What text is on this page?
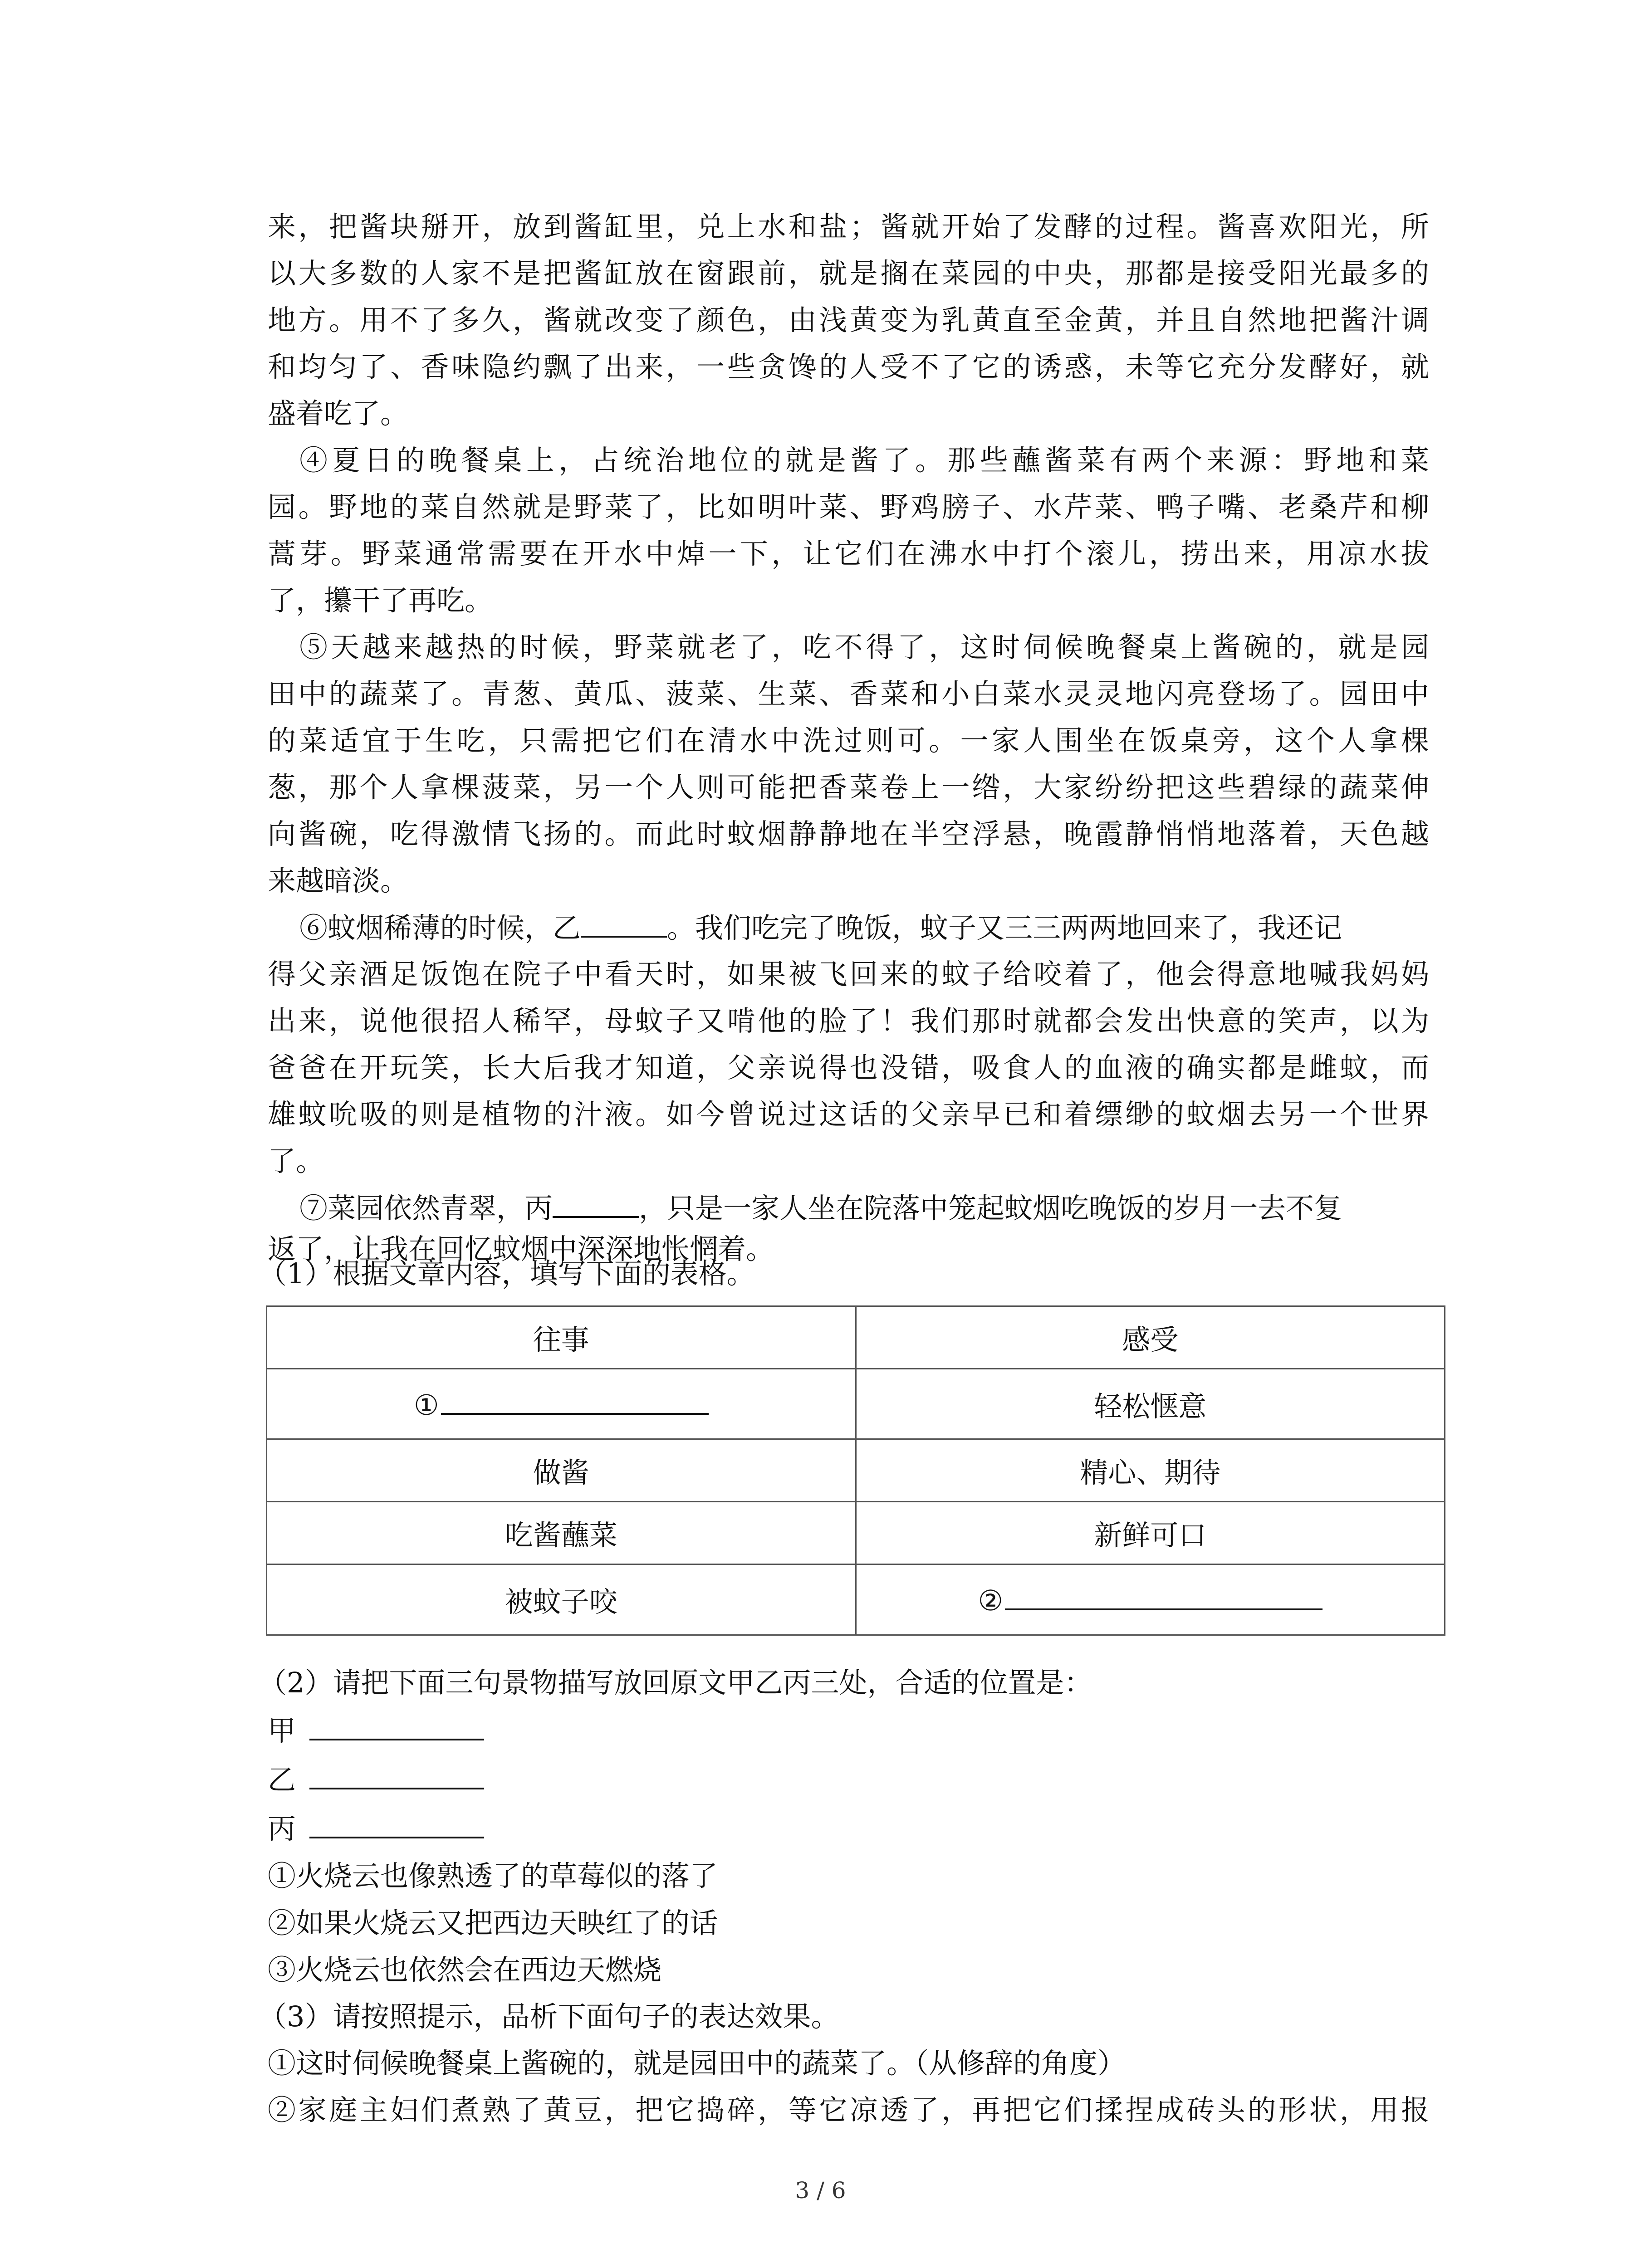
来，把酱块掰开，放到酱缸里，兑上水和盐；酱就开始了发酵的过程。酱喜欢阳光，所
以大多数的人家不是把酱缸放在窗跟前，就是搁在菜园的中央，那都是接受阳光最多的
地方。用不了多久，酱就改变了颜色，由浅黄变为乳黄直至金黄，并且自然地把酱汁调
和均匀了、香味隐约飘了出来，一些贪馋的人受不了它的诱惑，未等它充分发酵好，就
盛着吃了。
④夏日的晚餐桌上，占统治地位的就是酱了。那些蘸酱菜有两个来源：野地和菜
园。野地的菜自然就是野菜了，比如明叶菜、野鸡膀子、水芹菜、鸭子嘴、老桑芹和柳
蒿芽。野菜通常需要在开水中焯一下，让它们在沸水中打个滚儿，捞出来，用凉水拔
了，攥干了再吃。
⑤天越来越热的时候，野菜就老了，吃不得了，这时伺候晚餐桌上酱碗的，就是园
田中的蔬菜了。青葱、黄瓜、菠菜、生菜、香菜和小白菜水灵灵地闪亮登场了。园田中
的菜适宜于生吃，只需把它们在清水中洗过则可。一家人围坐在饭桌旁，这个人拿棵
葱，那个人拿棵菠菜，另一个人则可能把香菜卷上一绺，大家纷纷把这些碧绿的蔬菜伸
向酱碗，吃得激情飞扬的。而此时蚊烟静静地在半空浮悬，晚霞静悄悄地落着，天色越
来越暗淡。
⑥蚊烟稀薄的时候，乙	。我们吃完了晚饭，蚊子又三三两两地回来了，我还记
得父亲酒足饭饱在院子中看天时，如果被飞回来的蚊子给咬着了，他会得意地喊我妈妈
出来，说他很招人稀罕，母蚊子又啃他的脸了！我们那时就都会发出快意的笑声，以为
爸爸在开玩笑，长大后我才知道，父亲说得也没错，吸食人的血液的确实都是雌蚊，而
雄蚊吮吸的则是植物的汁液。如今曾说过这话的父亲早已和着缥缈的蚊烟去另一个世界
了。
⑦菜园依然青翠，丙	，只是一家人坐在院落中笼起蚊烟吃晚饭的岁月一去不复
返了，让我在回忆蚊烟中深深地怅惘着。
（1）根据文章内容，填写下面的表格。
往事	感受
①	轻松惬意
做酱	精心、期待
吃酱蘸菜	新鲜可口
被蚊子咬	②
（2）请把下面三句景物描写放回原文甲乙丙三处，合适的位置是：
甲
乙
丙
①火烧云也像熟透了的草莓似的落了
②如果火烧云又把西边天映红了的话
③火烧云也依然会在西边天燃烧
（3）请按照提示，品析下面句子的表达效果。
①这时伺候晚餐桌上酱碗的，就是园田中的蔬菜了。（从修辞的角度）
②家庭主妇们煮熟了黄豆，把它捣碎，等它凉透了，再把它们揉捏成砖头的形状，用报
3 / 6
